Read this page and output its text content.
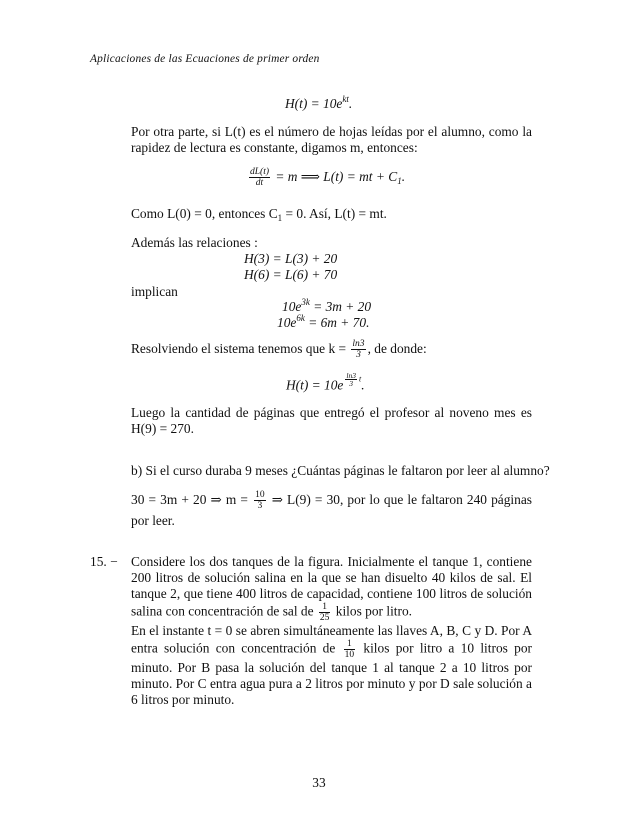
Aplicaciones de las Ecuaciones de primer orden
$H(t) = 10e^{kt}$.
Por otra parte, si L(t) es el número de hojas leídas por el alumno, como la rapidez de lectura es constante, digamos m, entonces:
$\frac{dL(t)}{dt} = m$ ⟹ L(t) = mt + $C_1$.
Como L(0) = 0, entonces $C_1 = 0$. Así, L(t) = mt.
Además las relaciones :
H(3) = L(3) + 20
H(6) = L(6) + 70
implican
$10e^{3k} = 3m + 20$
$10e^{6k} = 6m + 70$.
Resolviendo el sistema tenemos que $k = \frac{\ln 3}{3}$ , de donde:
$H(t) = 10e \frac{\ln 3}{3} t$.
Luego la cantidad de páginas que entregó el profesor al noveno mes es H(9) = 270.
b) Si el curso duraba 9 meses ¿Cuántas páginas le faltaron por leer al alumno?
30 = 3m + 20 ⇒ $m = \frac{10}{3}$ ⇒ L(9) = 30, por lo que le faltaron 240 páginas por leer.
15. − Considere los dos tanques de la figura. Inicialmente el tanque 1, contiene 200 litros de solución salina en la que se han disuelto 40 kilos de sal. El tanque 2, que tiene 400 litros de capacidad, contiene 100 litros de solución salina con concentración de sal de $\frac{1}{25}$ kilos por litro.
En el instante t = 0 se abren simultáneamente las llaves A, B, C y D. Por A entra solución con concentración de $\frac{1}{10}$ kilos por litro a 10 litros por minuto. Por B pasa la solución del tanque 1 al tanque 2 a 10 litros por minuto. Por C entra agua pura a 2 litros por minuto y por D sale solución a 6 litros por minuto.
33
